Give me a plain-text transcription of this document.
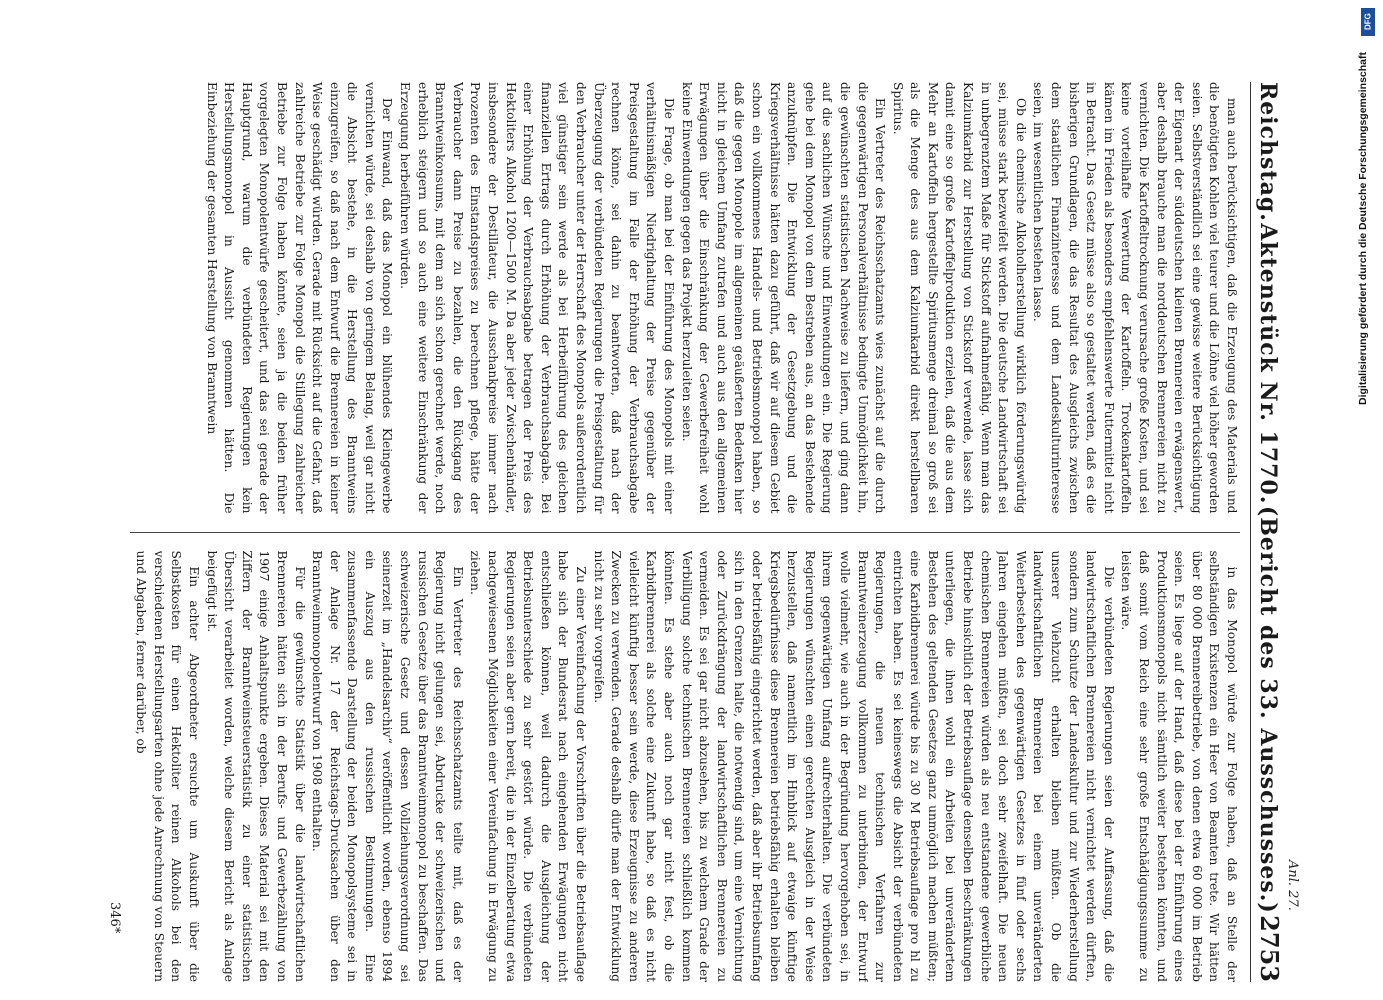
Reichstag.
Aktenstück Nr. 1770.
(Bericht des 33. Ausschusses.)
2753

man auch berücksichtigen, daß die Erzeugung des Materials und die benötigten Kohlen viel teurer und die Löhne viel höher geworden seien. Selbstverständlich sei eine gewisse weitere Berücksichtigung der Eigenart der süddeutschen kleinen Brennereien erwägenswert, aber deshalb brauche man die norddeutschen Brennereien nicht zu vernichten. Die Kartoffeltrocknung verursache große Kosten, und sei keine vorteilhafte Verwertung der Kartoffeln. Trockenkartoffeln kämen im Frieden als besonders empfehlenswerte Futtermittel nicht in Betracht. Das Gesetz müsse also so gestaltet werden, daß es die bisherigen Grundlagen, die das Resultat des Ausgleichs zwischen dem staatlichen Finanzinteresse und dem Landeskulturinteresse seien, im wesentlichen bestehen lasse.

Ob die chemische Alkoholherstellung wirklich förderungswürdig sei, müsse stark bezweifelt werden. Die deutsche Landwirtschaft sei in unbegrenztem Maße für Stickstoff aufnahmefähig. Wenn man das Kalziumkarbid zur Herstellung von Stickstoff verwende, lasse sich damit eine so große Kartoffelproduktion erzielen, daß die aus dem Mehr an Kartoffeln hergestellte Spiritusmenge dreimal so groß sei als die Menge des aus dem Kalziumkarbid direkt herstellbaren Spiritus.

Ein Vertreter des Reichsschatzamts wies zunächst auf die durch die gegenwärtigen Personalverhältnisse bedingte Unmöglichkeit hin, die gewünschten statistischen Nachweise zu liefern, und ging dann auf die sachlichen Wünsche und Einwendungen ein. Die Regierung gehe bei dem Monopol von dem Bestreben aus, an das Bestehende anzuknüpfen. Die Entwicklung der Gesetzgebung und die Kriegsverhältnisse hätten dazu geführt, daß wir auf diesem Gebiet schon ein vollkommenes Handels- und Betriebsmonopol haben, so daß die gegen Monopole im allgemeinen geäußerten Bedenken hier nicht in gleichem Umfang zutrafen und auch aus den allgemeinen Erwägungen über die Einschränkung der Gewerbefreiheit wohl keine Einwendungen gegen das Projekt herzuleiten seien.

Die Frage, ob man bei der Einführung des Monopols mit einer verhältnismäßigen Niedrighaltung der Preise gegenüber der Preisgestaltung im Falle der Erhöhung der Verbrauchsabgabe rechnen könne, sei dahin zu beantworten, daß nach der Überzeugung der verbündeten Regierungen die Preisgestaltung für den Verbraucher unter der Herrschaft des Monopols außerordentlich viel günstiger sein werde als bei Herbeiführung des gleichen finanziellen Ertrags durch Erhöhung der Verbrauchsabgabe. Bei einer Erhöhung der Verbrauchsabgabe betragen der Preis des Hektoliters Alkohol 1200—1500 M. Da aber jeder Zwischenhändler, insbesondere der Destillateur, die Ausschankpreise immer nach Prozenten des Einstandspreises zu berechnen pflege, hätte der Verbraucher dann Preise zu bezahlen, die den Rückgang des Branntweinkonsums, mit dem an sich schon gerechnet werde, noch erheblich steigern und so auch eine weitere Einschränkung der Erzeugung herbeiführen würden.

Der Einwand, daß das Monopol ein blühendes Kleingewerbe vernichten würde, sei deshalb von geringem Belang, weil gar nicht die Absicht bestehe, in die Herstellung des Branntweins einzugreifen, so daß nach dem Entwurf die Brennereien in keiner Weise geschädigt würden. Gerade mit Rücksicht auf die Gefahr, daß zahlreiche Betriebe zur Folge Monopol die Stillegung zahlreicher Betriebe zur Folge haben könnte, seien ja die beiden früher vorgelegten Monopolentwürfe gescheitert, und das sei gerade der Hauptgrund, warum die verbündeten Regierungen kein Herstellungsmonopol in Aussicht genommen hätten. Die Einbeziehung der gesamten Herstellung von Branntwein

in das Monopol würde zur Folge haben, daß an Stelle der selbständigen Existenzen ein Heer von Beamten trete. Wir hätten über 80 000 Brennereibetriebe, von denen etwa 60 000 im Betrieb seien. Es liege auf der Hand, daß diese bei der Einführung eines Produktionsmonopols nicht sämtlich weiter bestehen könnten, und daß somit vom Reich eine sehr große Entschädigungssumme zu leisten wäre.

Die verbündeten Regierungen seien der Auffassung, daß die landwirtschaftlichen Brennereien nicht vernichtet werden dürften, sondern zum Schutze der Landeskultur und zur Wiederherstellung unserer Viehzucht erhalten bleiben müßten. Ob die landwirtschaftlichen Brennereien bei einem unveränderten Weiterbestehen des gegenwärtigen Gesetzes in fünf oder sechs Jahren eingehen müßten, sei doch sehr zweifelhaft. Die neuen chemischen Brennereien würden als neu entstandene gewerbliche Betriebe hinsichtlich der Betriebsauflage denselben Beschränkungen unterliegen, die ihnen wohl ein Arbeiten bei unverändertem Bestehen des geltenden Gesetzes ganz unmöglich machen müßten; eine Karbidbrennerei würde bis zu 30 M Betriebsauflage pro hl zu entrichten haben. Es sei keineswegs die Absicht der verbündeten Regierungen, die neuen technischen Verfahren zur Branntweinerzeugung vollkommen zu unterbinden, der Entwurf wolle vielmehr, wie auch in der Begründung hervorgehoben sei, in ihrem gegenwärtigen Umfang aufrechterhalten. Die verbündeten Regierungen wünschten einen gerechten Ausgleich in der Weise herzustellen, daß namentlich im Hinblick auf etwaige künftige Kriegsbedürfnisse diese Brennereien betriebsfähig erhalten bleiben oder betriebsfähig eingerichtet werden, daß aber ihr Betriebsumfang sich in den Grenzen halte, die notwendig sind, um eine Vernichtung oder Zurückdrängung der landwirtschaftlichen Brennereien zu vermeiden. Es sei gar nicht abzusehen, bis zu welchem Grade der Verbilligung solche technischen Brennereien schließlich kommen könnten. Es stehe aber auch noch gar nicht fest, ob die Karbidbrennerei als solche eine Zukunft habe, so daß es nicht vielleicht künftig besser sein werde, diese Erzeugnisse zu anderen Zwecken zu verwenden. Gerade deshalb dürfe man der Entwicklung nicht zu sehr vorgreifen.

Zu einer Vereinfachung der Vorschriften über die Betriebsauflage habe sich der Bundesrat nach eingehenden Erwägungen nicht entschließen können, weil dadurch die Ausgleichung der Betriebsunterschiede zu sehr gestört würde. Die verbündeten Regierungen seien aber gern bereit, die in der Einzelberatung etwa nachgewiesenen Möglichkeiten einer Vereinfachung in Erwägung zu ziehen.

Ein Vertreter des Reichsschatzamts teilte mit, daß es der Regierung nicht gelungen sei, Abdrucke der schweizerischen und russischen Gesetze über das Branntweinmonopol zu beschaffen. Das schweizerische Gesetz und dessen Vollziehungsverordnung sei seinerzeit im „Handelsarchiv“ veröffentlicht worden, ebenso 1894 ein Auszug aus den russischen Bestimmungen. Eine zusammenfassende Darstellung der beiden Monopolsysteme sei in der Anlage Nr. 17 der Reichstags-Drucksachen über den Branntweinmonopolentwurf von 1908 enthalten.

Für die gewünschte Statistik über die landwirtschaftlichen Brennereien hätten sich in der Berufs- und Gewerbezählung von 1907 einige Anhaltspunkte ergeben. Dieses Material sei mit den Ziffern der Branntweinsteuerstatistik zu einer statistischen Übersicht verarbeitet worden, welche diesem Bericht als Anlage beigefügt ist.

Ein achter Abgeordneter ersuchte um Auskunft über die Selbstkosten für einen Hektoliter reinen Alkohols bei den verschiedenen Herstellungsarten ohne jede Anrechnung von Steuern und Abgaben, ferner darüber, ob

346*
Anl. 27.
Digitalisierung gefördert durch die Deutsche Forschungsgemeinschaft
DFG
